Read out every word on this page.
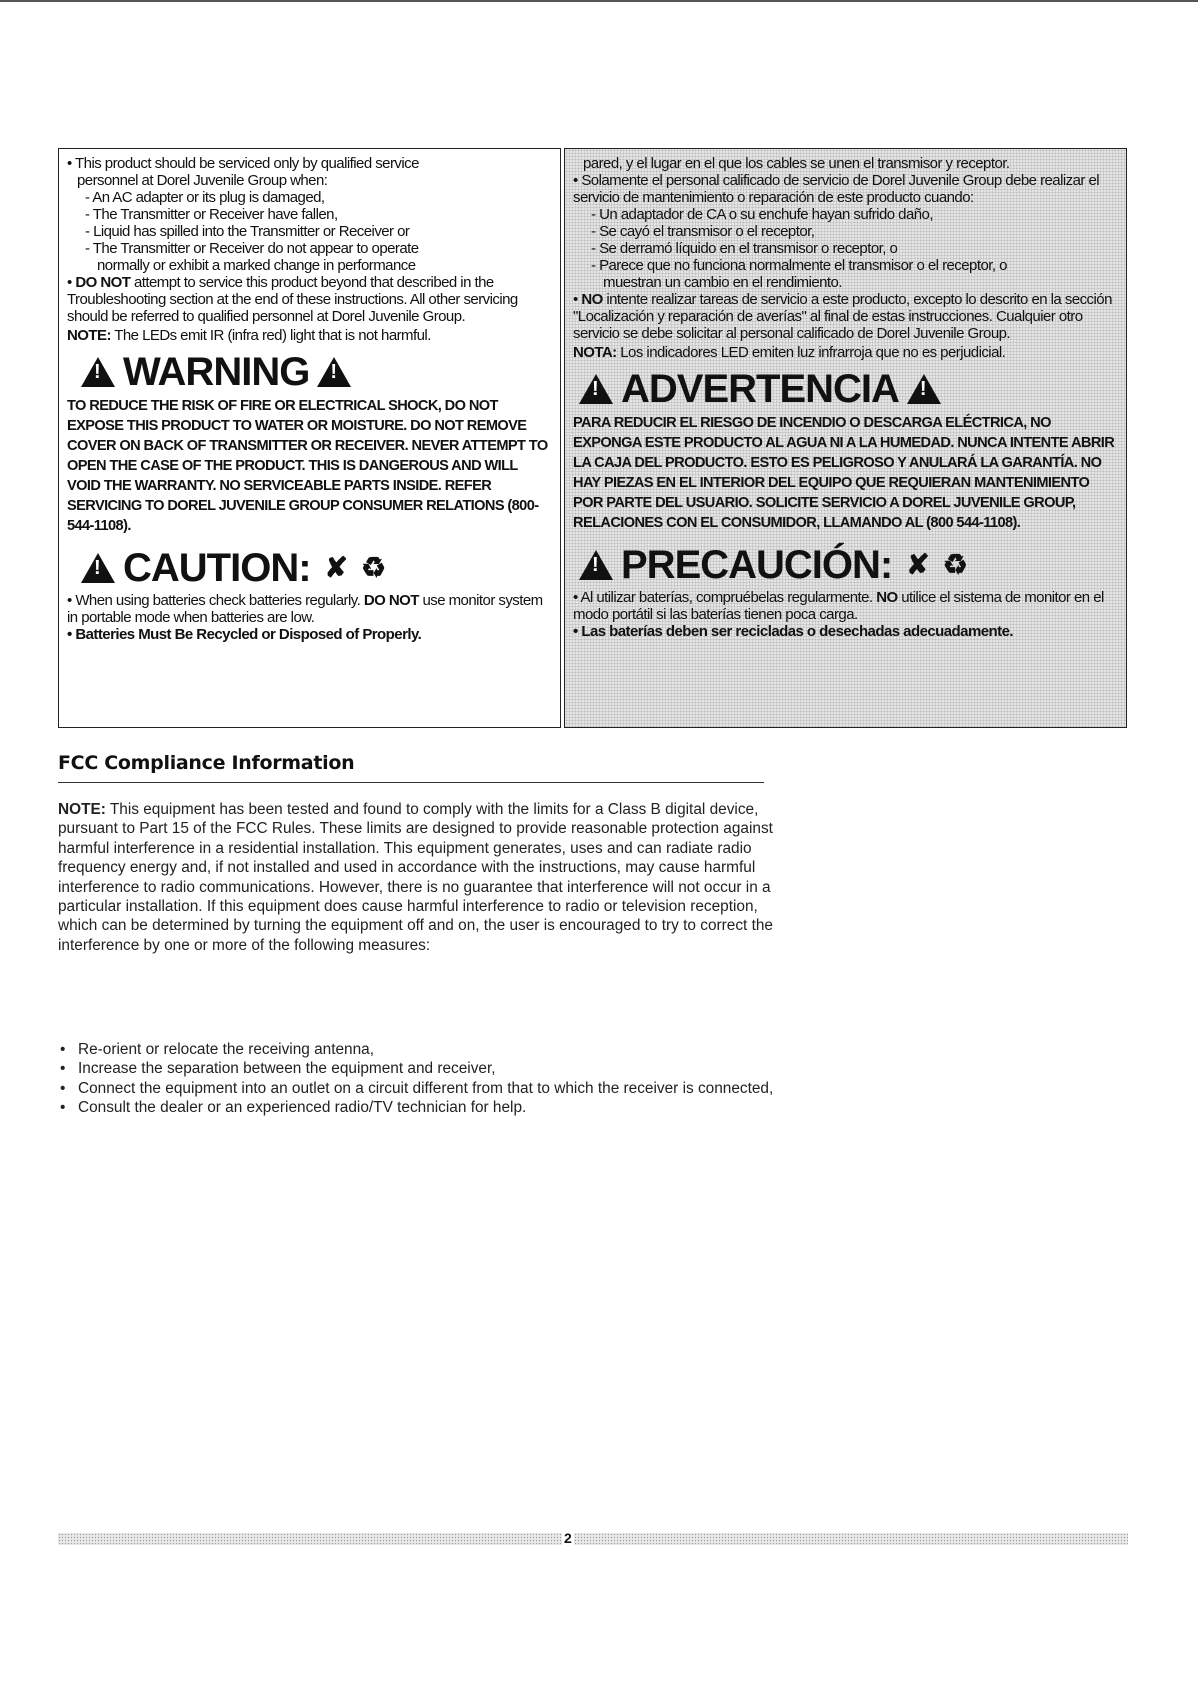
• This product should be serviced only by qualified service

personnel at Dorel Juvenile Group when:

- An AC adapter or its plug is damaged,

- The Transmitter or Receiver have fallen,

- Liquid has spilled into the Transmitter or Receiver or

- The Transmitter or Receiver do not appear to operate

normally or exhibit a marked change in performance

• DO NOT attempt to service this product beyond that described in the Troubleshooting section at the end of these instructions. All other servicing should be referred to qualified personnel at Dorel Juvenile Group.

NOTE: The LEDs emit IR (infra red) light that is not harmful.

!
WARNING
!
TO REDUCE THE RISK OF FIRE OR ELECTRICAL SHOCK, DO NOT EXPOSE THIS PRODUCT TO WATER OR MOISTURE. DO NOT REMOVE COVER ON BACK OF TRANSMITTER OR RECEIVER. NEVER ATTEMPT TO OPEN THE CASE OF THE PRODUCT. THIS IS DANGEROUS AND WILL VOID THE WARRANTY. NO SERVICEABLE PARTS INSIDE. REFER SERVICING TO DOREL JUVENILE GROUP CONSUMER RELATIONS (800-544-1108).
!
CAUTION: ✘ ♻

• When using batteries check batteries regularly. DO NOT use monitor system in portable mode when batteries are low.

• Batteries Must Be Recycled or Disposed of Properly.

pared, y el lugar en el que los cables se unen el transmisor y receptor.

• Solamente el personal calificado de servicio de Dorel Juvenile Group debe realizar el servicio de mantenimiento o reparación de este producto cuando:

- Un adaptador de CA o su enchufe hayan sufrido daño,

- Se cayó el transmisor o el receptor,

- Se derramó líquido en el transmisor o receptor, o

- Parece que no funciona normalmente el transmisor o el receptor, o

muestran un cambio en el rendimiento.

• NO intente realizar tareas de servicio a este producto, excepto lo descrito en la sección "Localización y reparación de averías" al final de estas instrucciones. Cualquier otro servicio se debe solicitar al personal calificado de Dorel Juvenile Group.

NOTA: Los indicadores LED emiten luz infrarroja que no es perjudicial.

!
ADVERTENCIA
!
PARA REDUCIR EL RIESGO DE INCENDIO O DESCARGA ELÉCTRICA, NO EXPONGA ESTE PRODUCTO AL AGUA NI A LA HUMEDAD. NUNCA INTENTE ABRIR LA CAJA DEL PRODUCTO. ESTO ES PELIGROSO Y ANULARÁ LA GARANTÍA. NO HAY PIEZAS EN EL INTERIOR DEL EQUIPO QUE REQUIERAN MANTENIMIENTO POR PARTE DEL USUARIO. SOLICITE SERVICIO A DOREL JUVENILE GROUP, RELACIONES CON EL CONSUMIDOR, LLAMANDO AL (800 544-1108).
!
PRECAUCIÓN: ✘ ♻

• Al utilizar baterías, compruébelas regularmente. NO utilice el sistema de monitor en el modo portátil si las baterías tienen poca carga.

• Las baterías deben ser recicladas o desechadas adecuadamente.

FCC Compliance Information
NOTE: This equipment has been tested and found to comply with the limits for a Class B digital device, pursuant to Part 15 of the FCC Rules. These limits are designed to provide reasonable protection against harmful interference in a residential installation. This equipment generates, uses and can radiate radio frequency energy and, if not installed and used in accordance with the instructions, may cause harmful interference to radio communications. However, there is no guarantee that interference will not occur in a particular installation. If this equipment does cause harmful interference to radio or television reception, which can be determined by turning the equipment off and on, the user is encouraged to try to correct the interference by one or more of the following measures:
• Re-orient or relocate the receiving antenna,
• Increase the separation between the equipment and receiver,
• Connect the equipment into an outlet on a circuit different from that to which the receiver is connected,
• Consult the dealer or an experienced radio/TV technician for help.
2
